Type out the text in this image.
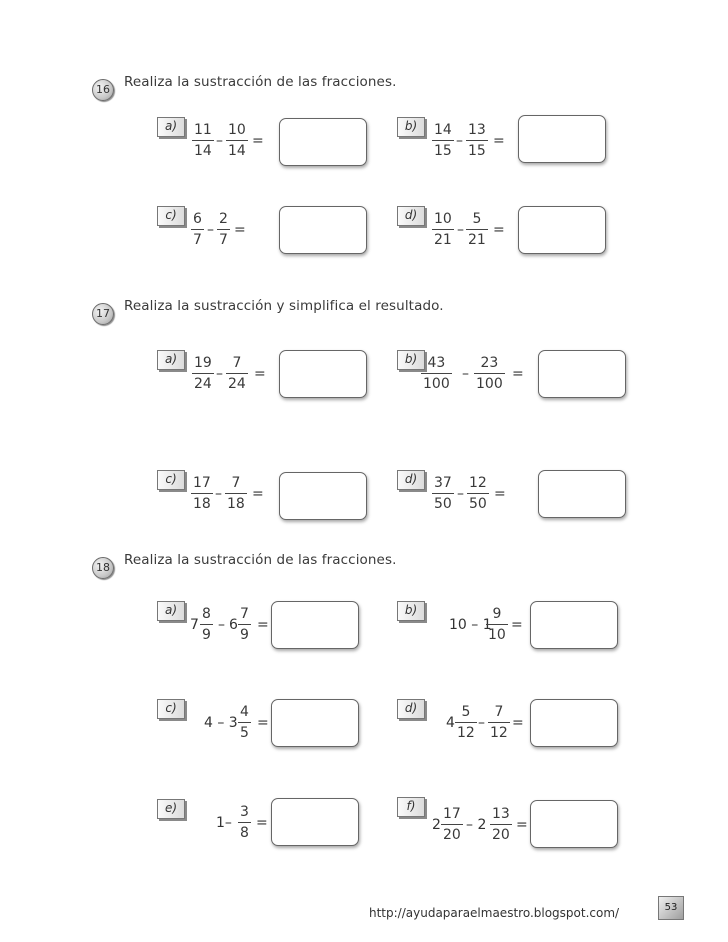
16 Realiza la sustracción de las fracciones.
a)	11
14
–
10
14
=
b)	14
15
–
13
15
=
c)	6
7
–
2
7
=
d)	10
21
–
5
21
=
17 Realiza la sustracción y simplifica el resultado.
a)	19
24
–
7
24
=
b) 43
100
–
23
100
=
c)	17
18
–
7
18
=
d)	37
50
–
12
50
=
18 Realiza la sustracción de las fracciones.
a)
7
8
9
– 6
7
9
=
b)
10 – 1
9
10
=
c)
4 – 3
4
5
=
d)
4
5
12
–
7
12
=
e)
1–
3
8
=
f)
2
17
20
– 2
13
20
=
http://ayudaparaelmaestro.blogspot.com/	53
